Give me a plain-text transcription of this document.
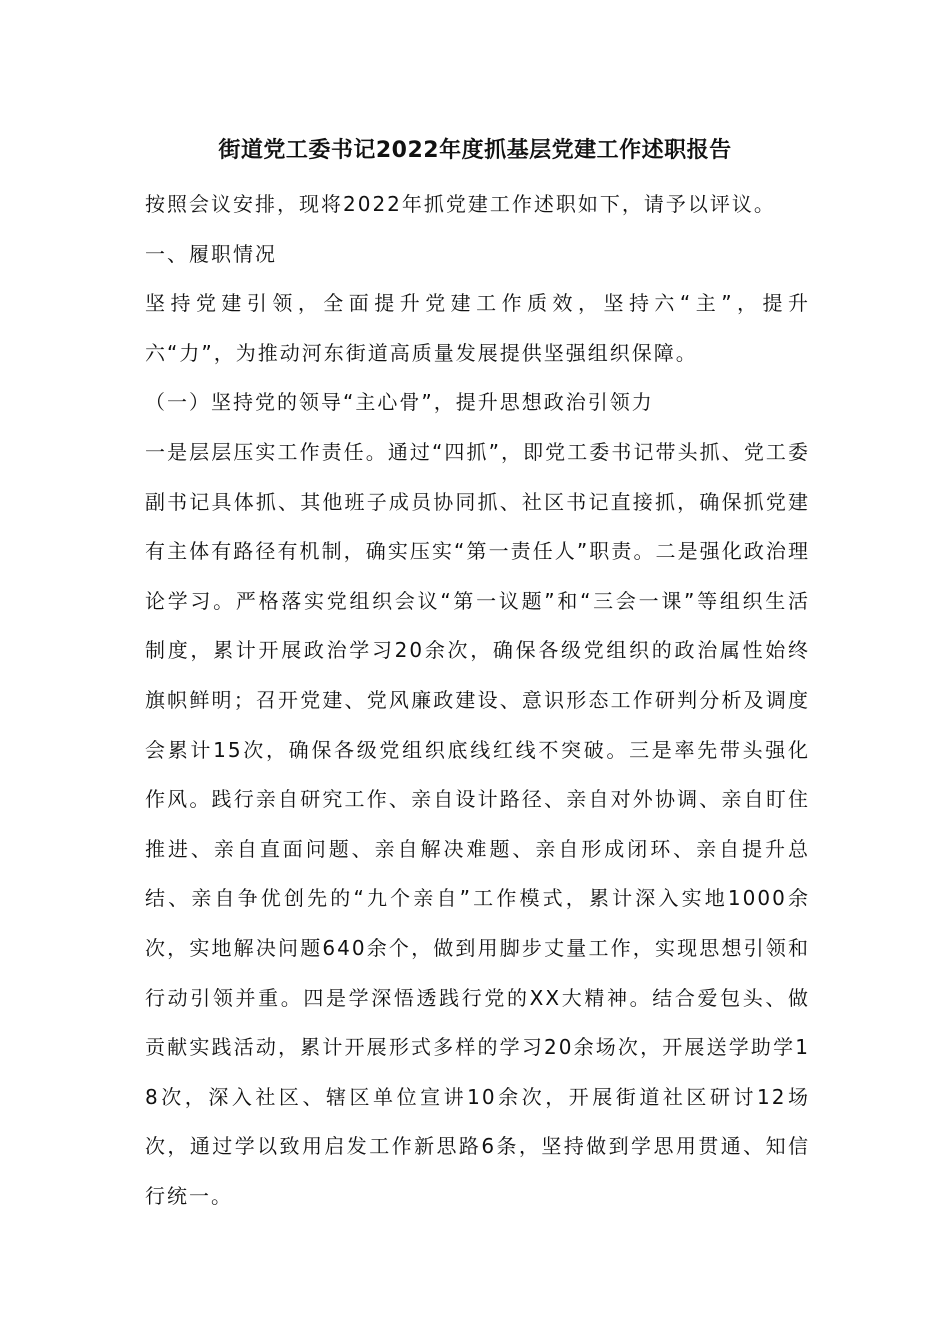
街道党工委书记2022年度抓基层党建工作述职报告

按照会议安排，现将2022年抓党建工作述职如下，请予以评议。

一、履职情况

坚持党建引领，全面提升党建工作质效，坚持六“主”，提升六“力”，为推动河东街道高质量发展提供坚强组织保障。

（一）坚持党的领导“主心骨”，提升思想政治引领力

一是层层压实工作责任。通过“四抓”，即党工委书记带头抓、党工委副书记具体抓、其他班子成员协同抓、社区书记直接抓，确保抓党建有主体有路径有机制，确实压实“第一责任人”职责。二是强化政治理论学习。严格落实党组织会议“第一议题”和“三会一课”等组织生活制度，累计开展政治学习20余次，确保各级党组织的政治属性始终旗帜鲜明；召开党建、党风廉政建设、意识形态工作研判分析及调度会累计15次，确保各级党组织底线红线不突破。三是率先带头强化作风。践行亲自研究工作、亲自设计路径、亲自对外协调、亲自盯住推进、亲自直面问题、亲自解决难题、亲自形成闭环、亲自提升总结、亲自争优创先的“九个亲自”工作模式，累计深入实地1000余次，实地解决问题640余个，做到用脚步丈量工作，实现思想引领和行动引领并重。四是学深悟透践行党的XX大精神。结合爱包头、做贡献实践活动，累计开展形式多样的学习20余场次，开展送学助学18次，深入社区、辖区单位宣讲10余次，开展街道社区研讨12场次，通过学以致用启发工作新思路6条，坚持做到学思用贯通、知信行统一。
